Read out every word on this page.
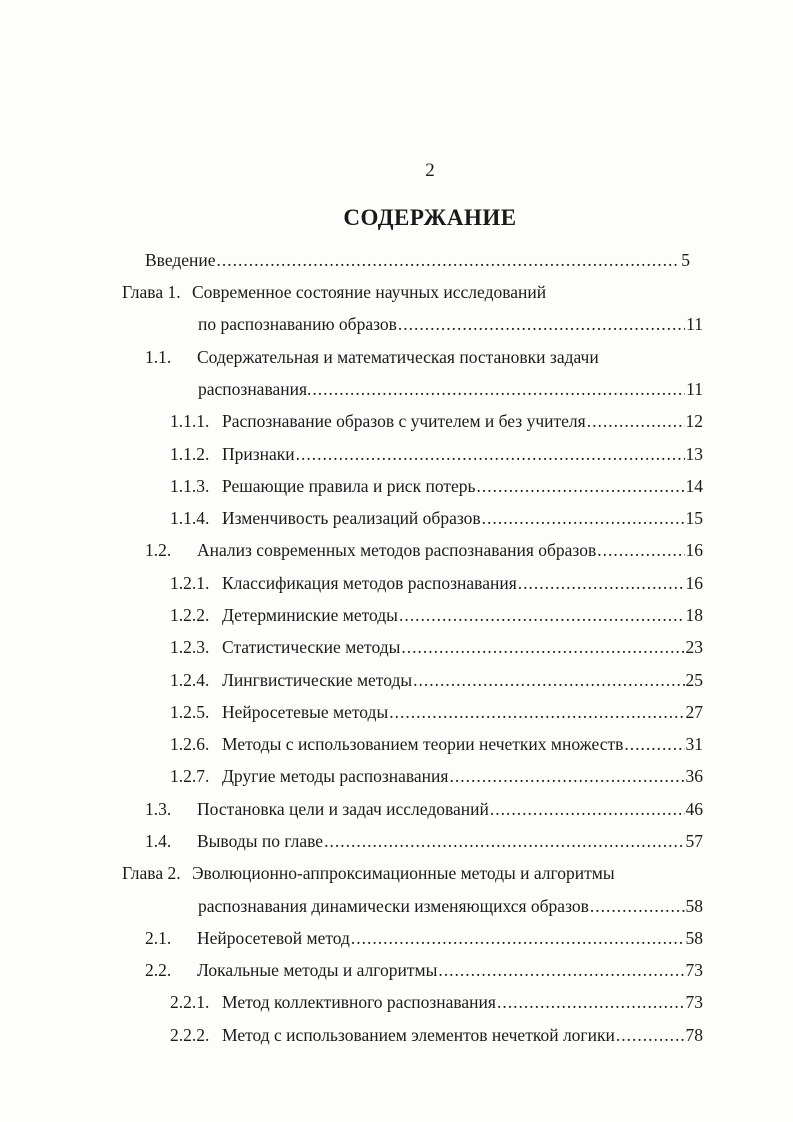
2
СОДЕРЖАНИЕ
Введение .....	5
Глава 1. Современное состояние научных исследований
по распознаванию образов .....	11
1.1.	Содержательная и математическая постановки задачи
распознавания. .....	11
1.1.1. Распознавание образов с учителем и без учителя .....	12
1.1.2. Признаки .....	13
1.1.3. Решающие правила и риск потерь .....	14
1.1.4. Изменчивость реализаций образов .....	15
1.2.	Анализ современных методов распознавания образов .....	16
1.2.1. Классификация методов распознавания .....	16
1.2.2. Детерминиские методы .....	18
1.2.3. Статистические методы .....	23
1.2.4. Лингвистические методы .....	25
1.2.5. Нейросетевые методы .....	27
1.2.6. Методы с использованием теории нечетких множеств .....	31
1.2.7. Другие методы распознавания .....	36
1.3.	Постановка цели и задач исследований .....	46
1.4.	Выводы по главе .....	57
Глава 2. Эволюционно-аппроксимационные методы и алгоритмы
распознавания динамически изменяющихся образов .....	58
2.1.	Нейросетевой метод .....	58
2.2.	Локальные методы и алгоритмы .....	73
2.2.1. Метод коллективного распознавания .....	73
2.2.2. Метод с использованием элементов нечеткой логики .....	78
